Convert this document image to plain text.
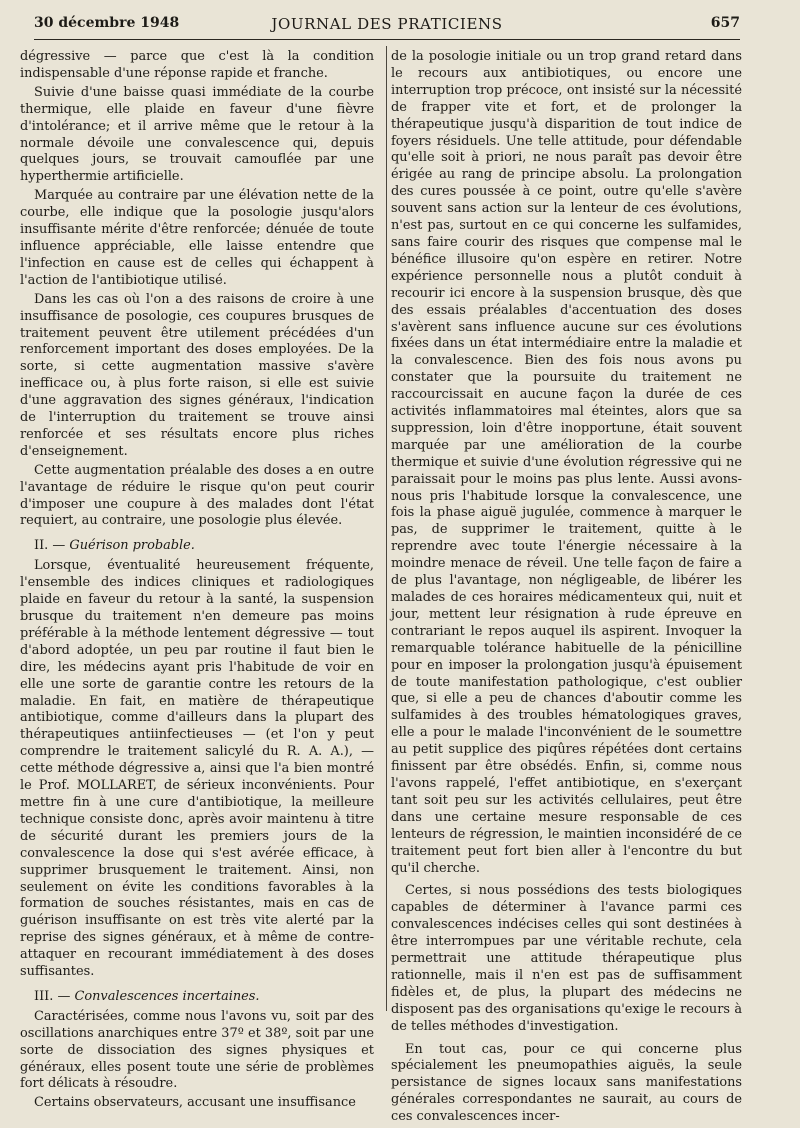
30 décembre 1948	JOURNAL DES PRATICIENS	657

dégressive — parce que c'est là la condition indispensable d'une réponse rapide et franche.

Suivie d'une baisse quasi immédiate de la courbe thermique, elle plaide en faveur d'une fièvre d'intolérance; et il arrive même que le retour à la normale dévoile une convalescence qui, depuis quelques jours, se trouvait camouflée par une hyperthermie artificielle.

Marquée au contraire par une élévation nette de la courbe, elle indique que la posologie jusqu'alors insuffisante mérite d'être renforcée; dénuée de toute influence appréciable, elle laisse entendre que l'infection en cause est de celles qui échappent à l'action de l'antibiotique utilisé.

Dans les cas où l'on a des raisons de croire à une insuffisance de posologie, ces coupures brusques de traitement peuvent être utilement précédées d'un renforcement important des doses employées. De la sorte, si cette augmentation massive s'avère inefficace ou, à plus forte raison, si elle est suivie d'une aggravation des signes généraux, l'indication de l'interruption du traitement se trouve ainsi renforcée et ses résultats encore plus riches d'enseignement.

Cette augmentation préalable des doses a en outre l'avantage de réduire le risque qu'on peut courir d'imposer une coupure à des malades dont l'état requiert, au contraire, une posologie plus élevée.

II. — Guérison probable.

Lorsque, éventualité heureusement fréquente, l'ensemble des indices cliniques et radiologiques plaide en faveur du retour à la santé, la suspension brusque du traitement n'en demeure pas moins préférable à la méthode lentement dégressive — tout d'abord adoptée, un peu par routine il faut bien le dire, les médecins ayant pris l'habitude de voir en elle une sorte de garantie contre les retours de la maladie. En fait, en matière de thérapeutique antibiotique, comme d'ailleurs dans la plupart des thérapeutiques antiinfectieuses — (et l'on y peut comprendre le traitement salicylé du R. A. A.), — cette méthode dégressive a, ainsi que l'a bien montré le Prof. MOLLARET, de sérieux inconvénients. Pour mettre fin à une cure d'antibiotique, la meilleure technique consiste donc, après avoir maintenu à titre de sécurité durant les premiers jours de la convalescence la dose qui s'est avérée efficace, à supprimer brusquement le traitement. Ainsi, non seulement on évite les conditions favorables à la formation de souches résistantes, mais en cas de guérison insuffisante on est très vite alerté par la reprise des signes généraux, et à même de contre-attaquer en recourant immédiatement à des doses suffisantes.

III. — Convalescences incertaines.

Caractérisées, comme nous l'avons vu, soit par des oscillations anarchiques entre 37º et 38º, soit par une sorte de dissociation des signes physiques et généraux, elles posent toute une série de problèmes fort délicats à résoudre.

Certains observateurs, accusant une insuffisance

de la posologie initiale ou un trop grand retard dans le recours aux antibiotiques, ou encore une interruption trop précoce, ont insisté sur la nécessité de frapper vite et fort, et de prolonger la thérapeutique jusqu'à disparition de tout indice de foyers résiduels. Une telle attitude, pour défendable qu'elle soit à priori, ne nous paraît pas devoir être érigée au rang de principe absolu. La prolongation des cures poussée à ce point, outre qu'elle s'avère souvent sans action sur la lenteur de ces évolutions, n'est pas, surtout en ce qui concerne les sulfamides, sans faire courir des risques que compense mal le bénéfice illusoire qu'on espère en retirer. Notre expérience personnelle nous a plutôt conduit à recourir ici encore à la suspension brusque, dès que des essais préalables d'accentuation des doses s'avèrent sans influence aucune sur ces évolutions fixées dans un état intermédiaire entre la maladie et la convalescence. Bien des fois nous avons pu constater que la poursuite du traitement ne raccourcissait en aucune façon la durée de ces activités inflammatoires mal éteintes, alors que sa suppression, loin d'être inopportune, était souvent marquée par une amélioration de la courbe thermique et suivie d'une évolution régressive qui ne paraissait pour le moins pas plus lente. Aussi avons-nous pris l'habitude lorsque la convalescence, une fois la phase aiguë jugulée, commence à marquer le pas, de supprimer le traitement, quitte à le reprendre avec toute l'énergie nécessaire à la moindre menace de réveil. Une telle façon de faire a de plus l'avantage, non négligeable, de libérer les malades de ces horaires médicamenteux qui, nuit et jour, mettent leur résignation à rude épreuve en contrariant le repos auquel ils aspirent. Invoquer la remarquable tolérance habituelle de la pénicilline pour en imposer la prolongation jusqu'à épuisement de toute manifestation pathologique, c'est oublier que, si elle a peu de chances d'aboutir comme les sulfamides à des troubles hématologiques graves, elle a pour le malade l'inconvénient de le soumettre au petit supplice des piqûres répétées dont certains finissent par être obsédés. Enfin, si, comme nous l'avons rappelé, l'effet antibiotique, en s'exerçant tant soit peu sur les activités cellulaires, peut être dans une certaine mesure responsable de ces lenteurs de régression, le maintien inconsidéré de ce traitement peut fort bien aller à l'encontre du but qu'il cherche.

Certes, si nous possédions des tests biologiques capables de déterminer à l'avance parmi ces convalescences indécises celles qui sont destinées à être interrompues par une véritable rechute, cela permettrait une attitude thérapeutique plus rationnelle, mais il n'en est pas de suffisamment fidèles et, de plus, la plupart des médecins ne disposent pas des organisations qu'exige le recours à de telles méthodes d'investigation.

En tout cas, pour ce qui concerne plus spécialement les pneumopathies aiguës, la seule persistance de signes locaux sans manifestations générales correspondantes ne saurait, au cours de ces convalescences incer-
